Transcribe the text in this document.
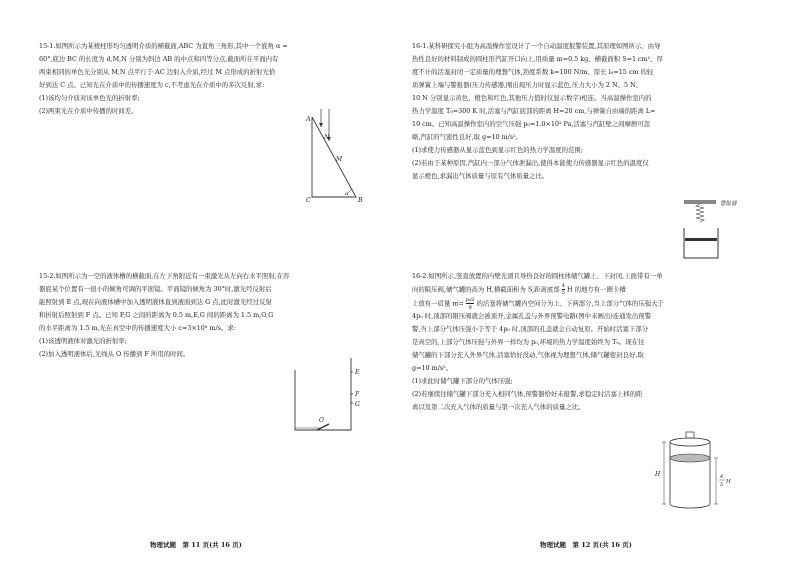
15-1.如图所示为某棱柱形均匀透明介质的横截面,ABC 为直角三角形,其中一个底角 α =

60°,底边 BC 的长度为 d,M,N 分别为斜边 AB 的中点和四等分点,截面所在平面内有

两束相同的单色光分别从 M,N 点平行于 AC 边射入介质,经过 M 点形成的折射光恰

好到达 C 点。已知光在介质中的传播速度为 c,不考虑光在介质中的多次反射,求:

(1)该均匀介质对该单色光的折射率;

(2)两束光在介质中传播的时间差。

A
C	B
N
M
α

15-2.如图所示为一空的液体槽的横截面,在左下角附近有一束激光从左向右水平照射,在容

器底某个位置有一很小的倾角可调的平面镜。平面镜的倾角为 30°时,激光经反射后

能照射到 E 点,现在向液体槽中加入透明液体直到液面到达 G 点,此时激光经过反射

和折射后照射到 F 点。已知 F,G 之间的距离为 0.5 m,E,G 间的距离为 1.5 m,O,G

的水平距离为 1.5 m,光在真空中的传播速度大小 c=3×10⁸ m/s。求:

(1)该透明液体对激光的折射率;

(2)加入透明液体后,光线从 O 传播到 F 所用的时间。

E
F
G
O
物理试题　第 11 页(共 16 页)

16-1.某科研探究小组为高温操作室设计了一个自动温度报警装置,其原理如图所示。由导

热性良好的材料制成的圆柱形汽缸开口向上,用质量 m=0.5 kg、横截面积 S=1 cm²、厚

度不计的活塞封闭一定质量的理想气体,劲度系数 k=100 N/m、原长 l₀=15 cm 的轻

质弹簧上端与警报器(压力传感器,刚出现压力时显示蓝色,压力大小为 2 N、5 N、

10 N 分别显示黄色、橙色和红色,其他压力值时仪显示数字)相连。当高温操作室内的

热力学温度 T₀=300 K 时,活塞与汽缸底部的距离 H=20 cm,与弹簧自由端的距离 L=

10 cm。已知高温操作室内的空气压强 p₀=1.0×10⁵ Pa,活塞与汽缸壁之间摩擦可忽

略,汽缸的气密性良好,取 g=10 m/s²。

(1)求使力传感器从显示蓝色到显示红色的热力学温度的范围;

(2)若由于某种原因,汽缸内一部分气体泄漏出,使得本能使力传感器显示红色的温度仅

显示橙色,求漏出气体质量与原有气体质量之比。

警报器

16-2.如图所示,竖直放置的内壁光滑且导热良好的圆柱体储气罐上、下封闭,上面带有一单

向的限压阀,储气罐的高为 H,横截面积为 S,距离底部 $\frac{4}{5}$ H 的地方有一圈卡槽

上放有一质量 $m= \frac{\text{p₀S}}{g}$ 的活塞将储气罐内空间分为上、下两部分,当上部分气体的压强大于

4p₀ 时,顶部的限压阀就会被顶开,金属孔盖与外界预警电路(图中未画出)连通发出预警

警,当上部分气体压强小于等于 4p₀ 时,顶部的孔盖就会自动复原。开始时活塞下部分

是真空的,上部分气体压强与外界一样均为 p₀,环境的热力学温度始终为 T₀。现在往

储气罐的下部分充入外界气体,活塞恰好没动,气体视为理想气体,储气罐密封良好,取

g=10 m/s²。

(1)求此时储气罐下部分的气体压强;

(2)若继续往储气罐下部分充入相同气体,预警器恰好未报警,求稳定时活塞上移的距

离以及第二次充入气体的质量与第一次充入气体的质量之比。

H	4
5 H
物理试题　第 12 页(共 16 页)
